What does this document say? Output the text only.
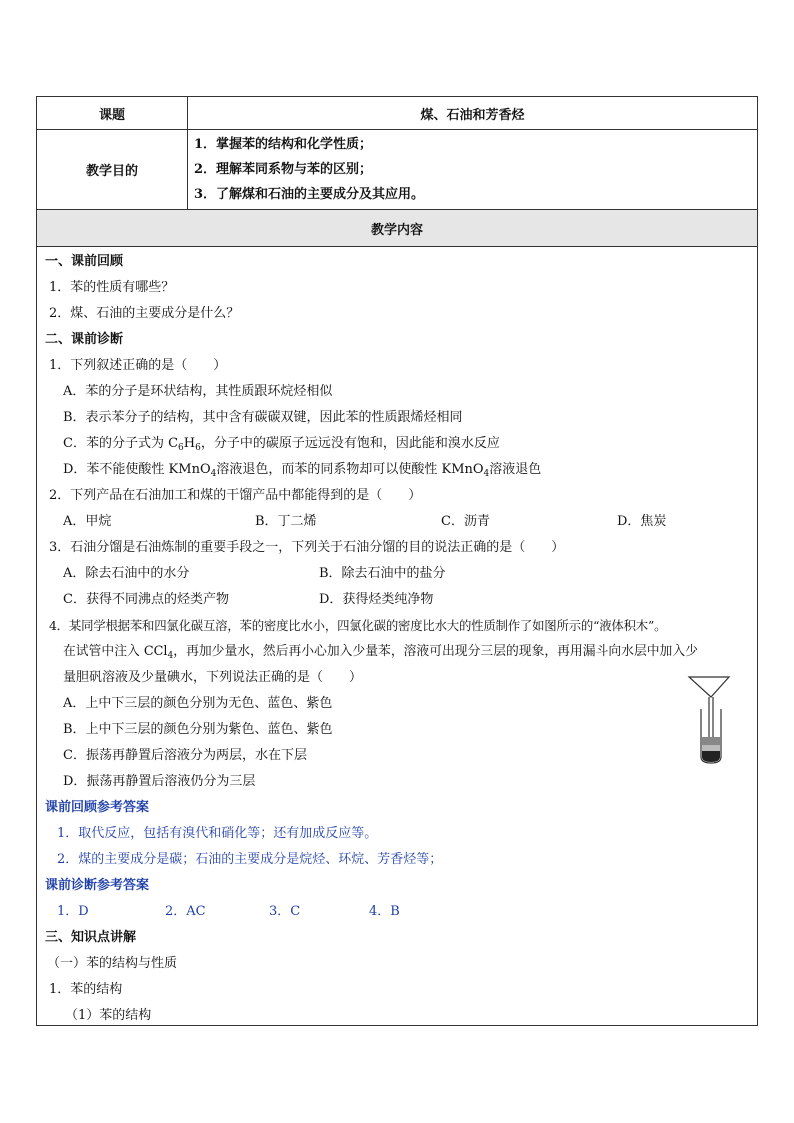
课题	煤、石油和芳香烃
教学目的	1．掌握苯的结构和化学性质；
2．理解苯同系物与苯的区别；
3．了解煤和石油的主要成分及其应用。

教学内容	
一、课前回顾
1．苯的性质有哪些？
2．煤、石油的主要成分是什么？
二、课前诊断
1．下列叙述正确的是（　　）
A．苯的分子是环状结构，其性质跟环烷烃相似
B．表示苯分子的结构，其中含有碳碳双键，因此苯的性质跟烯烃相同
C．苯的分子式为 $C_6H_6$，分子中的碳原子远远没有饱和，因此能和溴水反应
D．苯不能使酸性 KMnO$_4$溶液退色，而苯的同系物却可以使酸性 KMnO$_4$溶液退色
2．下列产品在石油加工和煤的干馏产品中都能得到的是（　　）
A．甲烷	B．丁二烯	C．沥青	D．焦炭
3．石油分馏是石油炼制的重要手段之一，下列关于石油分馏的目的说法正确的是（　　）
A．除去石油中的水分	B．除去石油中的盐分
C．获得不同沸点的烃类产物	D．获得烃类纯净物
4．某同学根据苯和四氯化碳互溶，苯的密度比水小，四氯化碳的密度比水大的性质制作了如图所示的“液体积木”。
在试管中注入 CCl$_4$，再加少量水，然后再小心加入少量苯，溶液可出现分三层的现象，再用漏斗向水层中加入少
量胆矾溶液及少量碘水，下列说法正确的是（　　）
A．上中下三层的颜色分别为无色、蓝色、紫色
B．上中下三层的颜色分别为紫色、蓝色、紫色
C．振荡再静置后溶液分为两层，水在下层
D．振荡再静置后溶液仍分为三层
课前回顾参考答案
1．取代反应，包括有溴代和硝化等；还有加成反应等。
2．煤的主要成分是碳；石油的主要成分是烷烃、环烷、芳香烃等；
课前诊断参考答案
1．D	2．AC	3．C	4．B
三、知识点讲解
（一）苯的结构与性质
1．苯的结构
（1）苯的结构
